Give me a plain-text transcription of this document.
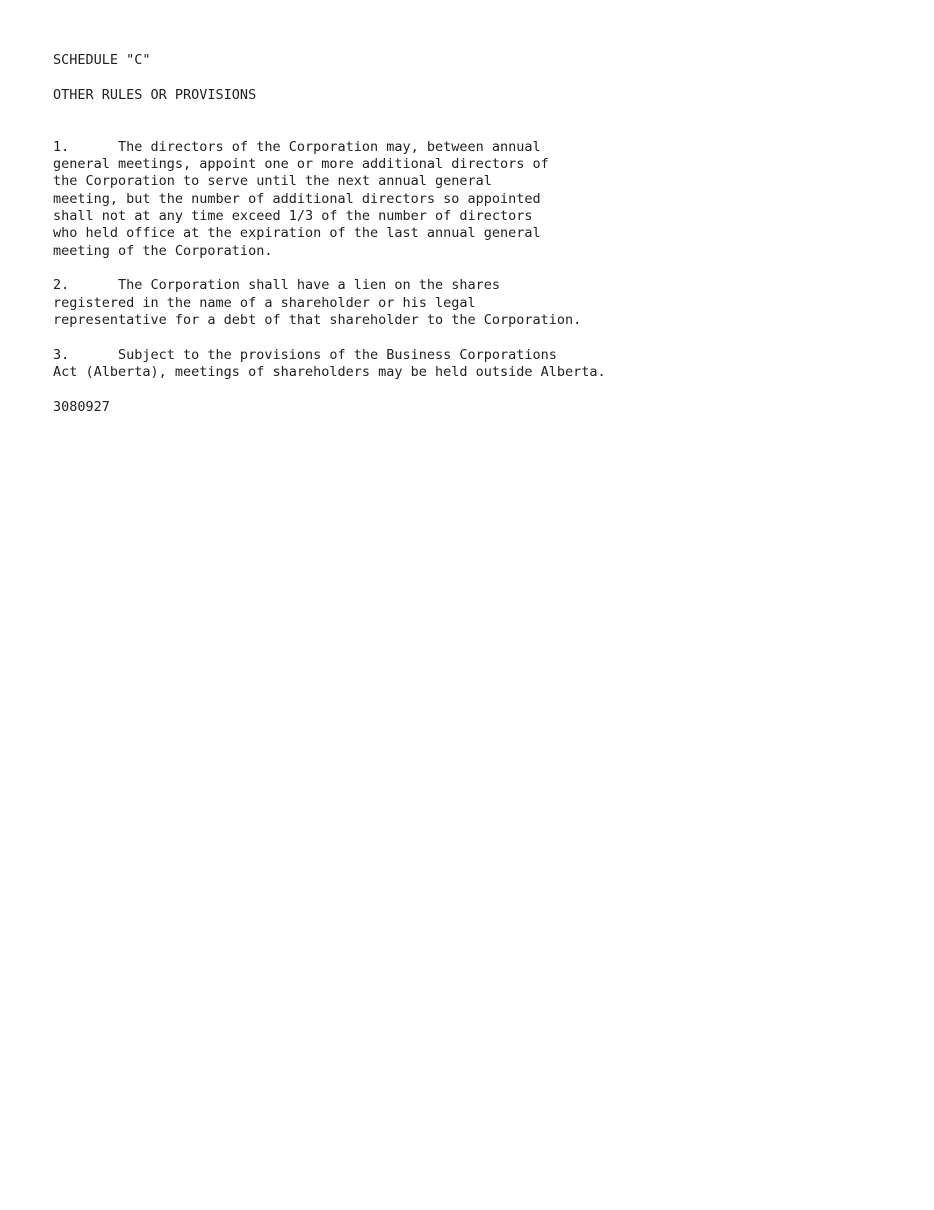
SCHEDULE "C"
OTHER RULES OR PROVISIONS
1.      The directors of the Corporation may, between annual
general meetings, appoint one or more additional directors of
the Corporation to serve until the next annual general
meeting, but the number of additional directors so appointed
shall not at any time exceed 1/3 of the number of directors
who held office at the expiration of the last annual general
meeting of the Corporation.
2.      The Corporation shall have a lien on the shares
registered in the name of a shareholder or his legal
representative for a debt of that shareholder to the Corporation.
3.      Subject to the provisions of the Business Corporations
Act (Alberta), meetings of shareholders may be held outside Alberta.
3080927
